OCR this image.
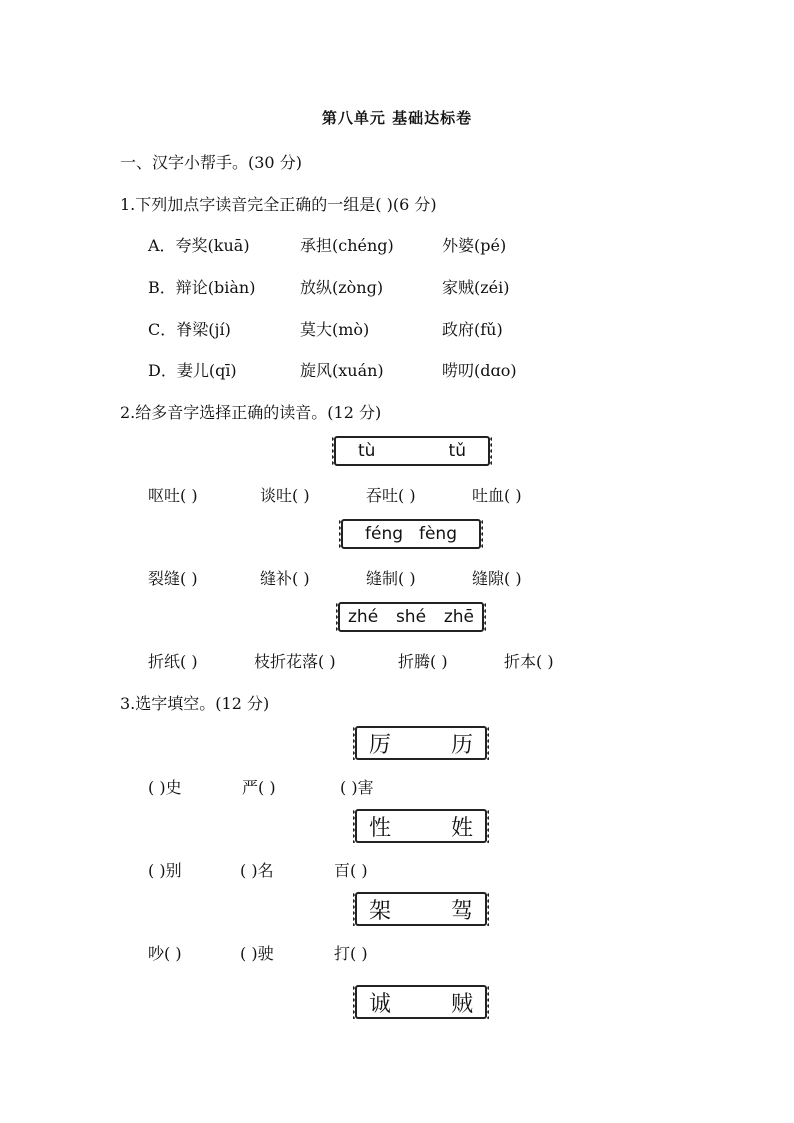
第八单元 基础达标卷
一、汉字小帮手。(30 分)
1.下列加点字读音完全正确的一组是( )(6 分)
A．夸奖(kuā)	承担(chéng)	外婆(pé)
B．辩论(biàn)	放纵(zònɡ)	家贼(zéi)
C．脊梁(jí)	莫大(mò)	政府(fǔ)
D．妻儿(qī)	旋风(xuán)	唠叨(dɑo)
2.给多音字选择正确的读音。(12 分)
tù	tǔ
呕吐( )	谈吐( )	吞吐( )	吐血( )
féng fèng
裂缝( )	缝补( )	缝制( )	缝隙( )
zhé shé zhē
折纸( )	枝折花落( )	折腾( )	折本( )
3.选字填空。(12 分)
厉	历
( )史	严( )	( )害
性	姓
( )别	( )名	百( )
架	驾
吵( )	( )驶	打( )
诚	贼
